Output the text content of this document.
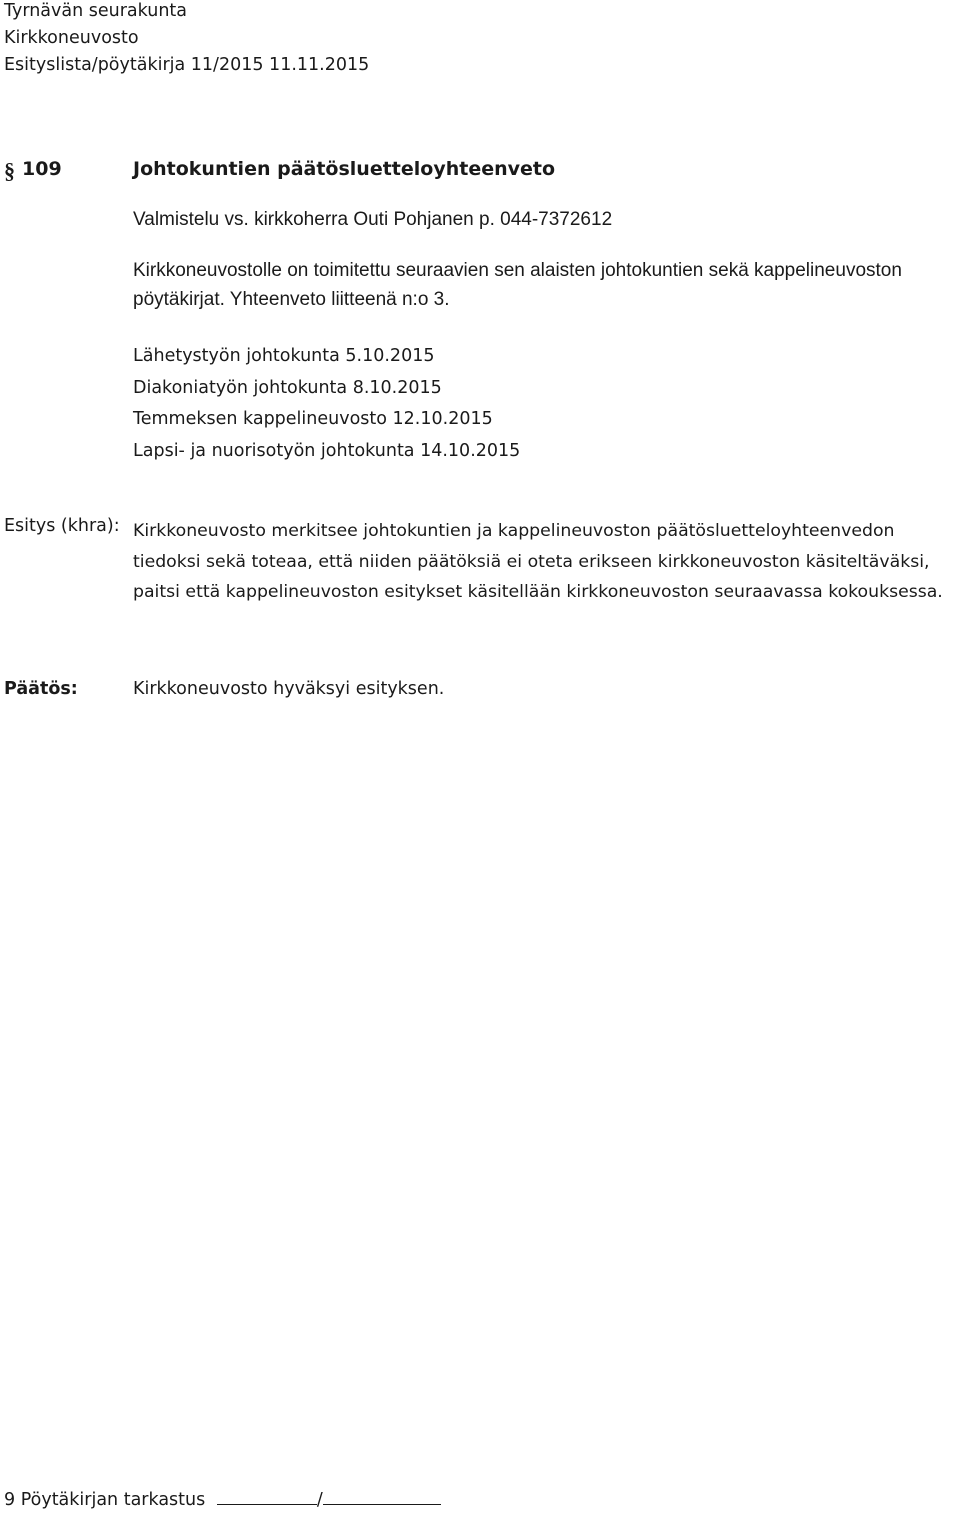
Tyrnävän seurakunta
Kirkkoneuvosto
Esityslista/pöytäkirja 11/2015 11.11.2015
§ 109	Johtokuntien päätösluetteloyhteenveto
Valmistelu vs. kirkkoherra Outi Pohjanen p. 044-7372612
Kirkkoneuvostolle on toimitettu seuraavien sen alaisten johtokuntien sekä kappelineuvoston
pöytäkirjat. Yhteenveto liitteenä n:o 3.
Lähetystyön johtokunta 5.10.2015
Diakoniatyön johtokunta 8.10.2015
Temmeksen kappelineuvosto 12.10.2015
Lapsi- ja nuorisotyön johtokunta 14.10.2015
Esitys (khra): Kirkkoneuvosto merkitsee johtokuntien ja kappelineuvoston päätösluetteloyhteenvedon
tiedoksi sekä toteaa, että niiden päätöksiä ei oteta erikseen kirkkoneuvoston käsiteltäväksi,
paitsi että kappelineuvoston esitykset käsitellään kirkkoneuvoston seuraavassa kokouksessa.
Päätös:	Kirkkoneuvosto hyväksyi esityksen.
9 Pöytäkirjan tarkastus	/
